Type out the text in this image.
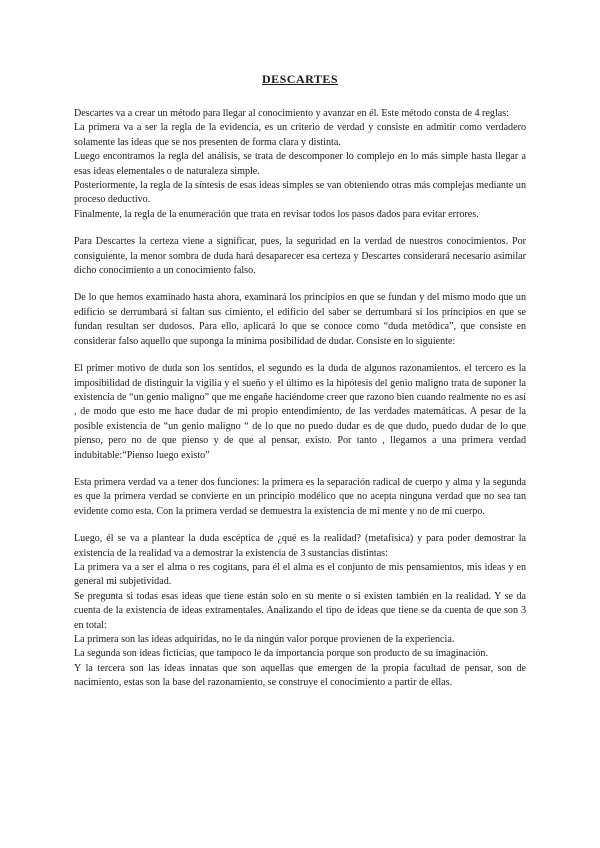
DESCARTES

Descartes va a crear un método para llegar al conocimiento y avanzar en él. Este método consta de 4 reglas:

La primera va a ser la regla de la evidencia, es un criterio de verdad y consiste en admitir como verdadero solamente las ideas que se nos presenten de forma clara y distinta.

Luego encontramos la regla del análisis, se trata de descomponer lo complejo en lo más simple hasta llegar a esas ideas elementales o de naturaleza simple.

Posteriormente, la regla de la síntesis de esas ideas simples se van obteniendo otras más complejas mediante un proceso deductivo.

Finalmente, la regla de la enumeración que trata en revisar todos los pasos dados para evitar errores.

Para Descartes la certeza viene a significar, pues, la seguridad en la verdad de nuestros conocimientos. Por consiguiente, la menor sombra de duda hará desaparecer esa certeza y Descartes considerará necesario asimilar dicho conocimiento a un conocimiento falso.

De lo que hemos examinado hasta ahora, examinará los principios en que se fundan y del mismo modo que un edificio se derrumbará si faltan sus cimiento, el edificio del saber se derrumbará si los principios en que se fundan resultan ser dudosos. Para ello, aplicará lo que se conoce como “duda metódica”, que consiste en considerar falso aquello que suponga la mínima posibilidad de dudar. Consiste en lo siguiente:

El primer motivo de duda son los sentidos, el segundo es la duda de algunos razonamientos. el tercero es la imposibilidad de distinguir la vigilia y el sueño y el último es la hipótesis del genio maligno trata de suponer la existencia de “un genio maligno” que me engañe haciéndome creer que razono bien cuando realmente no es así , de modo que esto me hace dudar de mi propio entendimiento, de las verdades matemáticas. A pesar de la posible existencia de “un genio maligno “ de lo que no puedo dudar es de que dudo, puedo dudar de lo que pienso, pero no de que pienso y de que al pensar, existo. Por tanto , llegamos a una primera verdad indubitable:“Pienso luego existo”

Esta primera verdad va a tener dos funciones: la primera es la separación radical de cuerpo y alma y la segunda es que la primera verdad se convierte en un principio modélico que no acepta ninguna verdad que no sea tan evidente como esta. Con la primera verdad se demuestra la existencia de mi mente y no de mi cuerpo.

Luego, él se va a plantear la duda escéptica de ¿qué es la realidad? (metafísica) y para poder demostrar la existencia de la realidad va a demostrar la existencia de 3 sustancias distintas:

La primera va a ser el alma o res cogitans, para él el alma es el conjunto de mis pensamientos, mis ideas y en general mi subjetividad.

Se pregunta si todas esas ideas que tiene están solo en su mente o si existen también en la realidad. Y se da cuenta de la existencia de ideas extramentales. Analizando el tipo de ideas que tiene se da cuenta de que son 3 en total:

La primera son las ideas adquiridas, no le da ningún valor porque provienen de la experiencia.

La segunda son ideas ficticias, que tampoco le da importancia porque son producto de su imaginación.

Y la tercera son las ideas innatas que son aquellas que emergen de la propia facultad de pensar, son de nacimiento, estas son la base del razonamiento, se construye el conocimiento a partir de ellas.
